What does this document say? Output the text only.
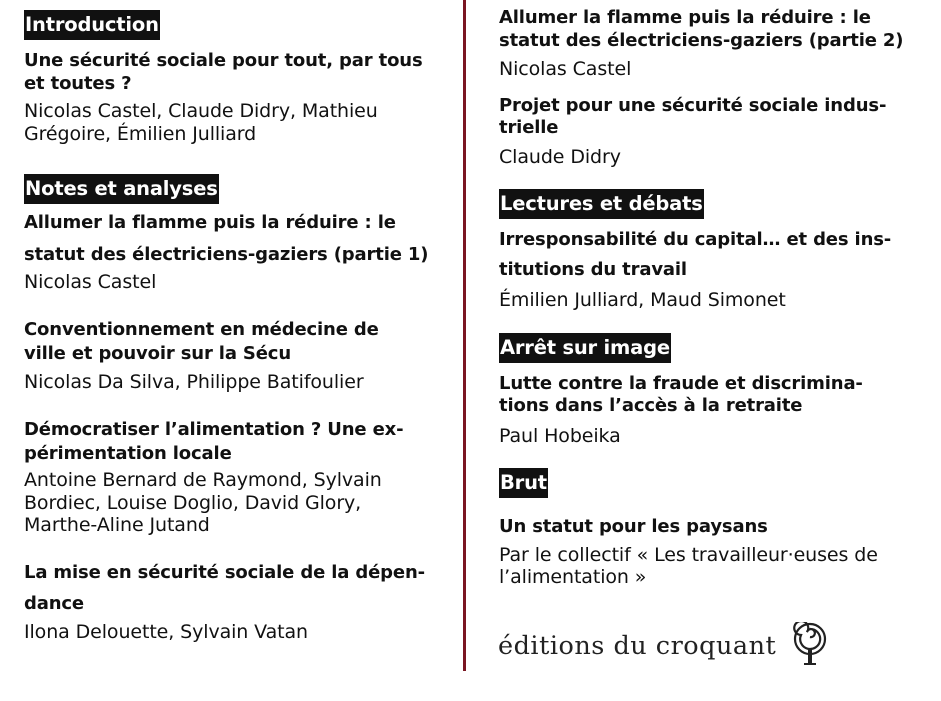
Introduction
Une sécurité sociale pour tout, par tous
et toutes ?
Nicolas Castel, Claude Didry, Mathieu
Grégoire, Émilien Julliard
Notes et analyses
Allumer la flamme puis la réduire : le
statut des électriciens-gaziers (partie 1)
Nicolas Castel
Conventionnement en médecine de
ville et pouvoir sur la Sécu
Nicolas Da Silva, Philippe Batifoulier
Démocratiser l’alimentation ? Une ex-
périmentation locale
Antoine Bernard de Raymond, Sylvain
Bordiec, Louise Doglio, David Glory,
Marthe-Aline Jutand
La mise en sécurité sociale de la dépen-
dance
Ilona Delouette, Sylvain Vatan
Allumer la flamme puis la réduire : le
statut des électriciens-gaziers (partie 2)
Nicolas Castel
Projet pour une sécurité sociale indus-
trielle
Claude Didry
Lectures et débats
Irresponsabilité du capital… et des ins-
titutions du travail
Émilien Julliard, Maud Simonet
Arrêt sur image
Lutte contre la fraude et discrimina-
tions dans l’accès à la retraite
Paul Hobeika
Brut
Un statut pour les paysans
Par le collectif « Les travailleur·euses de
l’alimentation »
éditions du croquant
